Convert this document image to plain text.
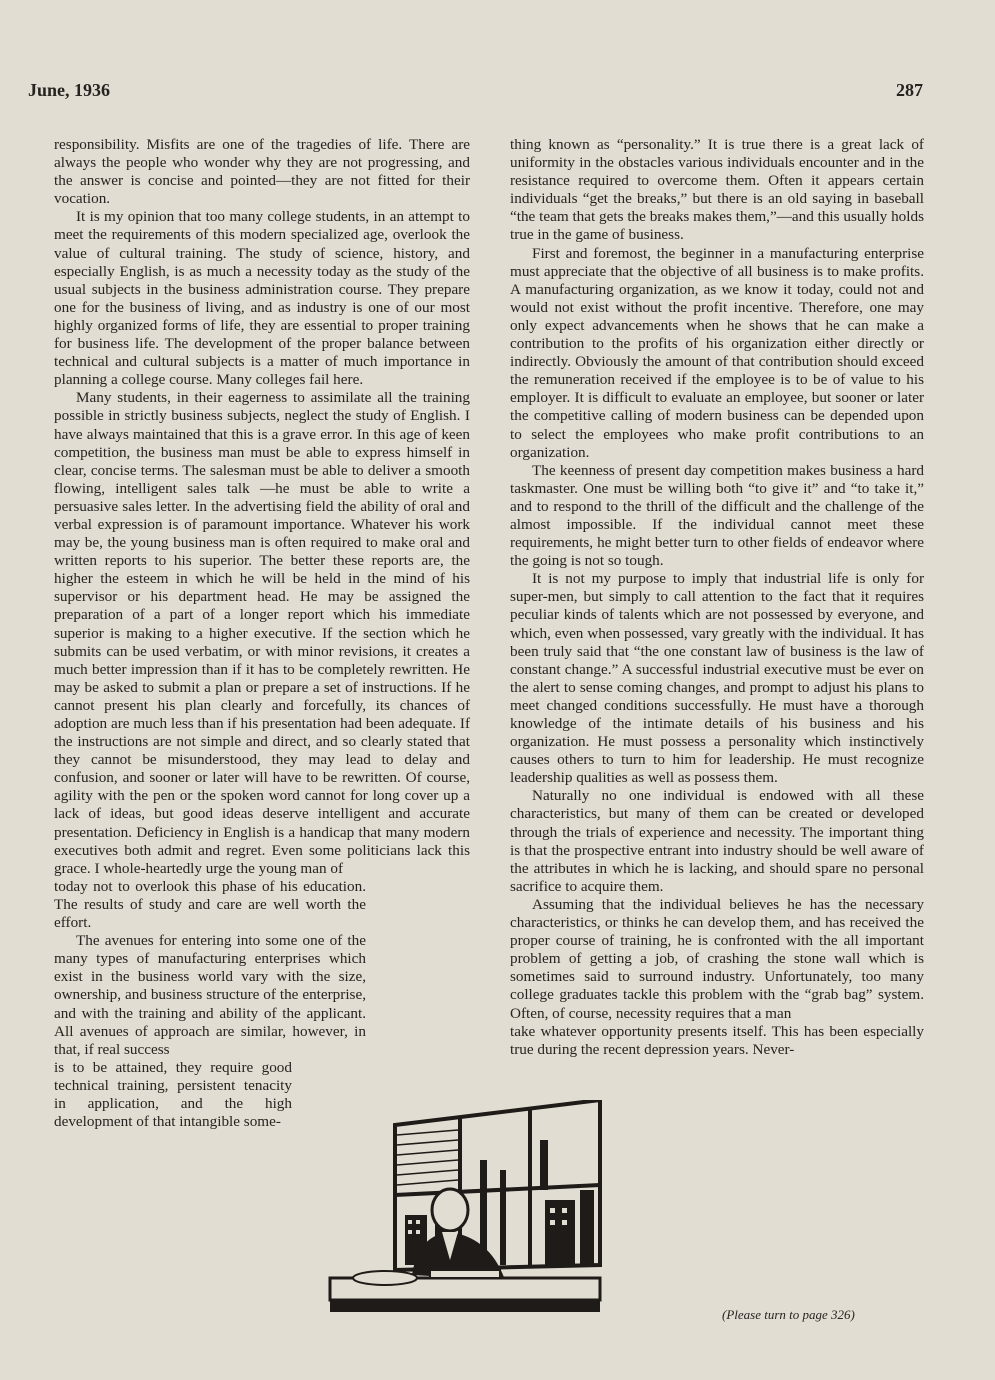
June, 1936	287

responsibility. Misfits are one of the tragedies of life. There are always the people who wonder why they are not progressing, and the answer is concise and pointed—they are not fitted for their vocation.

It is my opinion that too many college students, in an attempt to meet the requirements of this modern specialized age, overlook the value of cultural training. The study of science, history, and especially English, is as much a necessity today as the study of the usual subjects in the business administration course. They prepare one for the business of living, and as industry is one of our most highly organized forms of life, they are essential to proper training for business life. The development of the proper balance between technical and cultural subjects is a matter of much importance in planning a college course. Many colleges fail here.

Many students, in their eagerness to assimilate all the training possible in strictly business subjects, neglect the study of English. I have always maintained that this is a grave error. In this age of keen competition, the business man must be able to express himself in clear, concise terms. The salesman must be able to deliver a smooth flowing, intelligent sales talk —he must be able to write a persuasive sales letter. In the advertising field the ability of oral and verbal expression is of paramount importance. Whatever his work may be, the young business man is often required to make oral and written reports to his superior. The better these reports are, the higher the esteem in which he will be held in the mind of his supervisor or his department head. He may be assigned the preparation of a part of a longer report which his immediate superior is making to a higher executive. If the section which he submits can be used verbatim, or with minor revisions, it creates a much better impression than if it has to be completely rewritten. He may be asked to submit a plan or prepare a set of instructions. If he cannot present his plan clearly and forcefully, its chances of adoption are much less than if his presentation had been adequate. If the instructions are not simple and direct, and so clearly stated that they cannot be misunderstood, they may lead to delay and confusion, and sooner or later will have to be rewritten. Of course, agility with the pen or the spoken word cannot for long cover up a lack of ideas, but good ideas deserve intelligent and accurate presentation. Deficiency in English is a handicap that many modern executives both admit and regret. Even some politicians lack this grace. I whole-heartedly urge the young man of

today not to overlook this phase of his education. The results of study and care are well worth the effort.

The avenues for entering into some one of the many types of manufacturing enterprises which exist in the business world vary with the size, ownership, and business structure of the enterprise, and with the training and ability of the applicant. All avenues of approach are similar, however, in that, if real success

is to be attained, they require good technical training, persistent tenacity in application, and the high development of that intangible some-

thing known as “personality.” It is true there is a great lack of uniformity in the obstacles various individuals encounter and in the resistance required to overcome them. Often it appears certain individuals “get the breaks,” but there is an old saying in baseball “the team that gets the breaks makes them,”—and this usually holds true in the game of business.

First and foremost, the beginner in a manufacturing enterprise must appreciate that the objective of all business is to make profits. A manufacturing organization, as we know it today, could not and would not exist without the profit incentive. Therefore, one may only expect advancements when he shows that he can make a contribution to the profits of his organization either directly or indirectly. Obviously the amount of that contribution should exceed the remuneration received if the employee is to be of value to his employer. It is difficult to evaluate an employee, but sooner or later the competitive calling of modern business can be depended upon to select the employees who make profit contributions to an organization.

The keenness of present day competition makes business a hard taskmaster. One must be willing both “to give it” and “to take it,” and to respond to the thrill of the difficult and the challenge of the almost impossible. If the individual cannot meet these requirements, he might better turn to other fields of endeavor where the going is not so tough.

It is not my purpose to imply that industrial life is only for super-men, but simply to call attention to the fact that it requires peculiar kinds of talents which are not possessed by everyone, and which, even when possessed, vary greatly with the individual. It has been truly said that “the one constant law of business is the law of constant change.” A successful industrial executive must be ever on the alert to sense coming changes, and prompt to adjust his plans to meet changed conditions successfully. He must have a thorough knowledge of the intimate details of his business and his organization. He must possess a personality which instinctively causes others to turn to him for leadership. He must recognize leadership qualities as well as possess them.

Naturally no one individual is endowed with all these characteristics, but many of them can be created or developed through the trials of experience and necessity. The important thing is that the prospective entrant into industry should be well aware of the attributes in which he is lacking, and should spare no personal sacrifice to acquire them.

Assuming that the individual believes he has the necessary characteristics, or thinks he can develop them, and has received the proper course of training, he is confronted with the all important problem of getting a job, of crashing the stone wall which is sometimes said to surround industry. Unfortunately, too many college graduates tackle this problem with the “grab bag” system. Often, of course, necessity requires that a man

take whatever opportunity presents itself. This has been especially true during the recent depression years. Never-

(Please turn to page 326)
